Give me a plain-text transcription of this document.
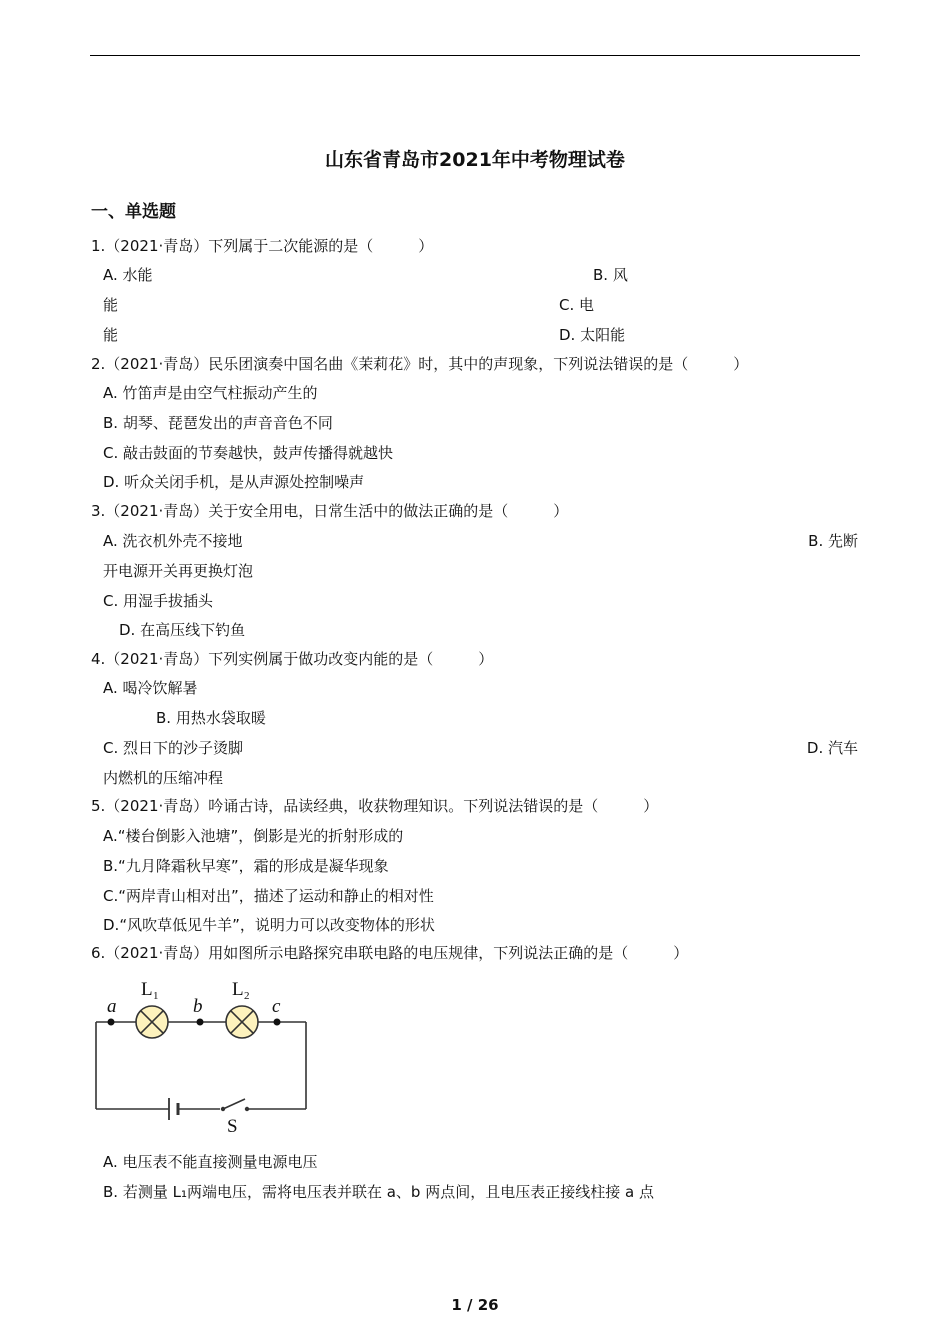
山东省青岛市2021年中考物理试卷
一、单选题
1.（2021·青岛）下列属于二次能源的是（　　　）
A. 水能	B. 风
能	C. 电
能	D. 太阳能
2.（2021·青岛）民乐团演奏中国名曲《茉莉花》时，其中的声现象，下列说法错误的是（　　　）
A. 竹笛声是由空气柱振动产生的
B. 胡琴、琵琶发出的声音音色不同
C. 敲击鼓面的节奏越快，鼓声传播得就越快
D. 听众关闭手机，是从声源处控制噪声
3.（2021·青岛）关于安全用电，日常生活中的做法正确的是（　　　）
A. 洗衣机外壳不接地	B. 先断
开电源开关再更换灯泡
C. 用湿手拔插头
D. 在高压线下钓鱼
4.（2021·青岛）下列实例属于做功改变内能的是（　　　）
A. 喝冷饮解暑
B. 用热水袋取暖
C. 烈日下的沙子烫脚	D. 汽车
内燃机的压缩冲程
5.（2021·青岛）吟诵古诗，品读经典，收获物理知识。下列说法错误的是（　　　）
A.“楼台倒影入池塘”，倒影是光的折射形成的
B.“九月降霜秋早寒”，霜的形成是凝华现象
C.“两岸青山相对出”，描述了运动和静止的相对性
D.“风吹草低见牛羊”，说明力可以改变物体的形状
6.（2021·青岛）用如图所示电路探究串联电路的电压规律，下列说法正确的是（　　　）
a	b	c
L 1	L 2
S
A. 电压表不能直接测量电源电压
B. 若测量 L₁两端电压，需将电压表并联在 a、b 两点间，且电压表正接线柱接 a 点
1 / 26
